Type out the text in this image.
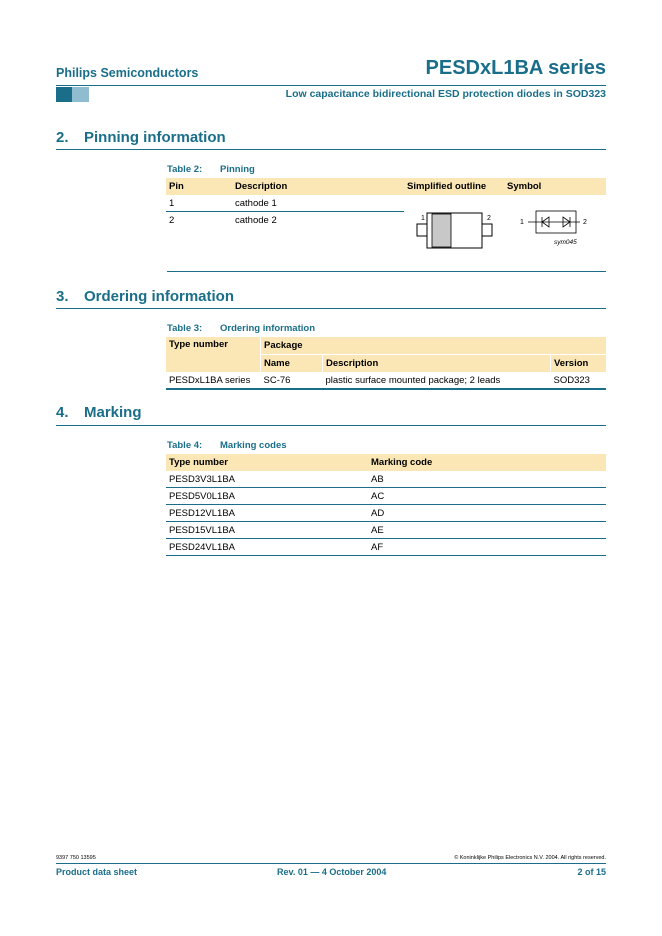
Philips Semiconductors	PESDxL1BA series
Low capacitance bidirectional ESD protection diodes in SOD323
2. Pinning information
Table 2: Pinning
Pin	Description	Simplified outline	Symbol
1	cathode 1		
2	cathode 2			1	2
1	2
sym045
3. Ordering information
Table 3: Ordering information
Type number	Package		
	Name	Description	Version
PESDxL1BA series	SC-76	plastic surface mounted package; 2 leads	SOD323
4. Marking
Table 4: Marking codes
Type number	Marking code
PESD3V3L1BA	AB
PESD5V0L1BA	AC
PESD12VL1BA	AD
PESD15VL1BA	AE
PESD24VL1BA	AF
9397 750 13595	© Koninklijke Philips Electronics N.V. 2004. All rights reserved.
Product data sheet	Rev. 01 — 4 October 2004	2 of 15
